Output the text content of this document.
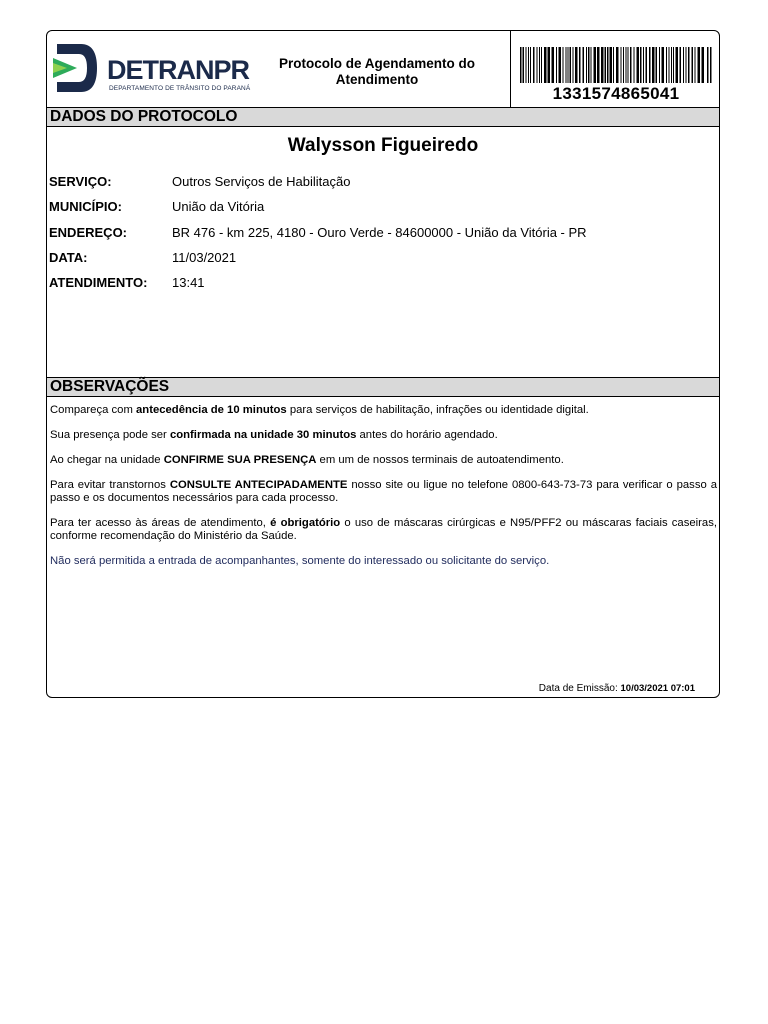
DETRANPR
DEPARTAMENTO DE TRÂNSITO DO PARANÁ
Protocolo de Agendamento do Atendimento
1331574865041
DADOS DO PROTOCOLO
Walysson Figueiredo
SERVIÇO:	Outros Serviços de Habilitação
MUNICÍPIO:	União da Vitória
ENDEREÇO:	BR 476 - km 225, 4180 - Ouro Verde - 84600000 - União da Vitória - PR
DATA:	11/03/2021
ATENDIMENTO: 13:41
OBSERVAÇÕES

Compareça com antecedência de 10 minutos para serviços de habilitação, infrações ou identidade digital.

Sua presença pode ser confirmada na unidade 30 minutos antes do horário agendado.

Ao chegar na unidade CONFIRME SUA PRESENÇA em um de nossos terminais de autoatendimento.

Para evitar transtornos CONSULTE ANTECIPADAMENTE nosso site ou ligue no telefone 0800-643-73-73 para verificar o passo a passo e os documentos necessários para cada processo.

Para ter acesso às áreas de atendimento, é obrigatório o uso de máscaras cirúrgicas e N95/PFF2 ou máscaras faciais caseiras, conforme recomendação do Ministério da Saúde.

Não será permitida a entrada de acompanhantes, somente do interessado ou solicitante do serviço.

Data de Emissão: 10/03/2021 07:01
